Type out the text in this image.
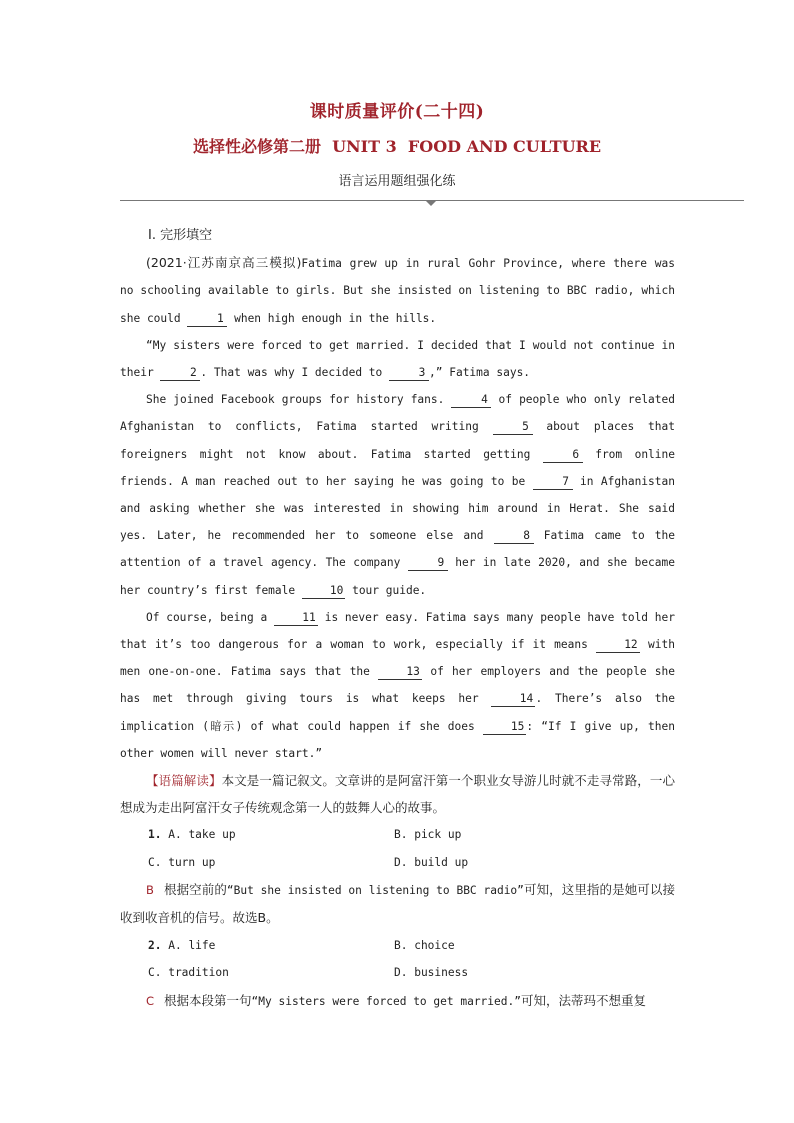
课时质量评价(二十四)
选择性必修第二册  UNIT 3  FOOD AND CULTURE
语言运用题组强化练

Ⅰ. 完形填空

(2021·江苏南京高三模拟)Fatima grew up in rural Gohr Province, where there was no schooling available to girls. But she insisted on listening to BBC radio, which she could	1 when high enough in the hills.

“My sisters were forced to get married. I decided that I would not continue in their	2 . That was why I decided to	3 ,” Fatima says.

She joined Facebook groups for history fans.	4 of people who only related Afghanistan to conflicts, Fatima started writing	5 about places that foreigners might not know about. Fatima started getting	6 from online friends. A man reached out to her saying he was going to be	7 in Afghanistan and asking whether she was interested in showing him around in Herat. She said yes. Later, he recommended her to someone else and	8 Fatima came to the attention of a travel agency. The company	9 her in late 2020, and she became her country’s first female	10 tour guide.

Of course, being a	11 is never easy. Fatima says many people have told her that it’s too dangerous for a woman to work, especially if it means	12 with men one-on-one. Fatima says that the	13 of her employers and the people she has met through giving tours is what keeps her	14 . There’s also the implication (暗示) of what could happen if she does	15 : “If I give up, then other women will never start.”

【语篇解读】本文是一篇记叙文。文章讲的是阿富汗第一个职业女导游儿时就不走寻常路，一心想成为走出阿富汗女子传统观念第一人的鼓舞人心的故事。

1. A. take up	B. pick up
C. turn up	D. build up

B 根据空前的“But she insisted on listening to BBC radio”可知，这里指的是她可以接收到收音机的信号。故选B。

2. A. life	B. choice
C. tradition	D. business

C 根据本段第一句“My sisters were forced to get married.”可知，法蒂玛不想重复
